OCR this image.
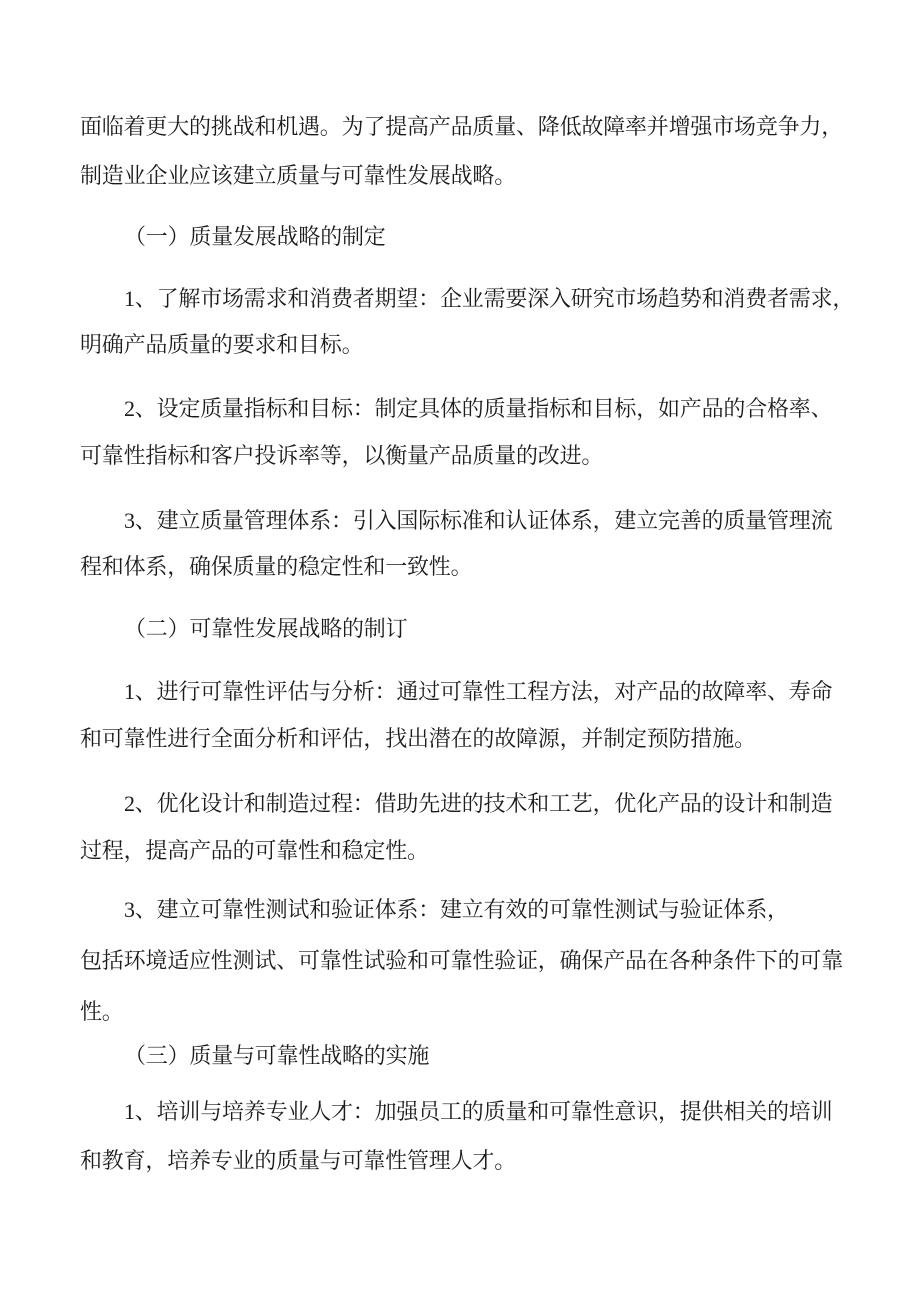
面临着更大的挑战和机遇。为了提高产品质量、降低故障率并增强市场竞争力，
制造业企业应该建立质量与可靠性发展战略。
（一）质量发展战略的制定
1、了解市场需求和消费者期望：企业需要深入研究市场趋势和消费者需求，
明确产品质量的要求和目标。
2、设定质量指标和目标：制定具体的质量指标和目标，如产品的合格率、
可靠性指标和客户投诉率等，以衡量产品质量的改进。
3、建立质量管理体系：引入国际标准和认证体系，建立完善的质量管理流
程和体系，确保质量的稳定性和一致性。
（二）可靠性发展战略的制订
1、进行可靠性评估与分析：通过可靠性工程方法，对产品的故障率、寿命
和可靠性进行全面分析和评估，找出潜在的故障源，并制定预防措施。
2、优化设计和制造过程：借助先进的技术和工艺，优化产品的设计和制造
过程，提高产品的可靠性和稳定性。
3、建立可靠性测试和验证体系：建立有效的可靠性测试与验证体系，
包括环境适应性测试、可靠性试验和可靠性验证，确保产品在各种条件下的可靠
性。
（三）质量与可靠性战略的实施
1、培训与培养专业人才：加强员工的质量和可靠性意识，提供相关的培训
和教育，培养专业的质量与可靠性管理人才。
